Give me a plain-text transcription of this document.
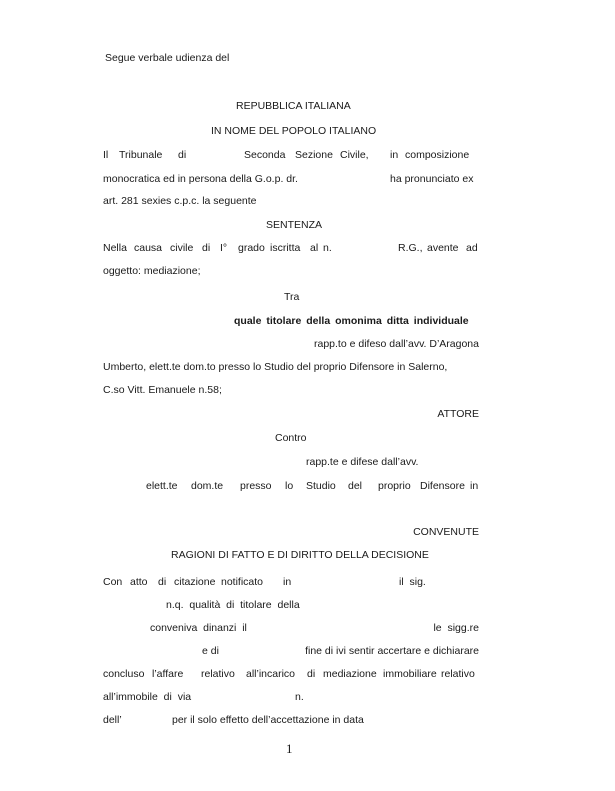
Segue verbale udienza del
REPUBBLICA ITALIANA
IN NOME DEL POPOLO ITALIANO
Il Tribunale di	Seconda Sezione Civile, in composizione
monocratica ed in persona della G.o.p. dr.	ha pronunciato ex
art. 281 sexies c.p.c. la seguente
SENTENZA
Nella causa civile di I° grado iscritta al n.	R.G., avente ad
oggetto: mediazione;
Tra
quale titolare della omonima ditta individuale
rapp.to e difeso dall’avv. D’Aragona
Umberto, elett.te dom.to presso lo Studio del proprio Difensore in Salerno,
C.so Vitt. Emanuele n.58;
ATTORE
Contro
rapp.te e difese dall’avv.
elett.te dom.te presso lo Studio del proprio Difensore in
CONVENUTE
RAGIONI DI FATTO E DI DIRITTO DELLA DECISIONE
Con atto di citazione notificato in	il  sig.
n.q.  qualità  di  titolare  della
conveniva  dinanzi  il	le  sigg.re
e di	fine di ivi sentir accertare e dichiarare
concluso l’affare relativo all’incarico di mediazione immobiliare relativo
all’immobile  di  via	n.
dell’	per il solo effetto dell’accettazione in data
1
